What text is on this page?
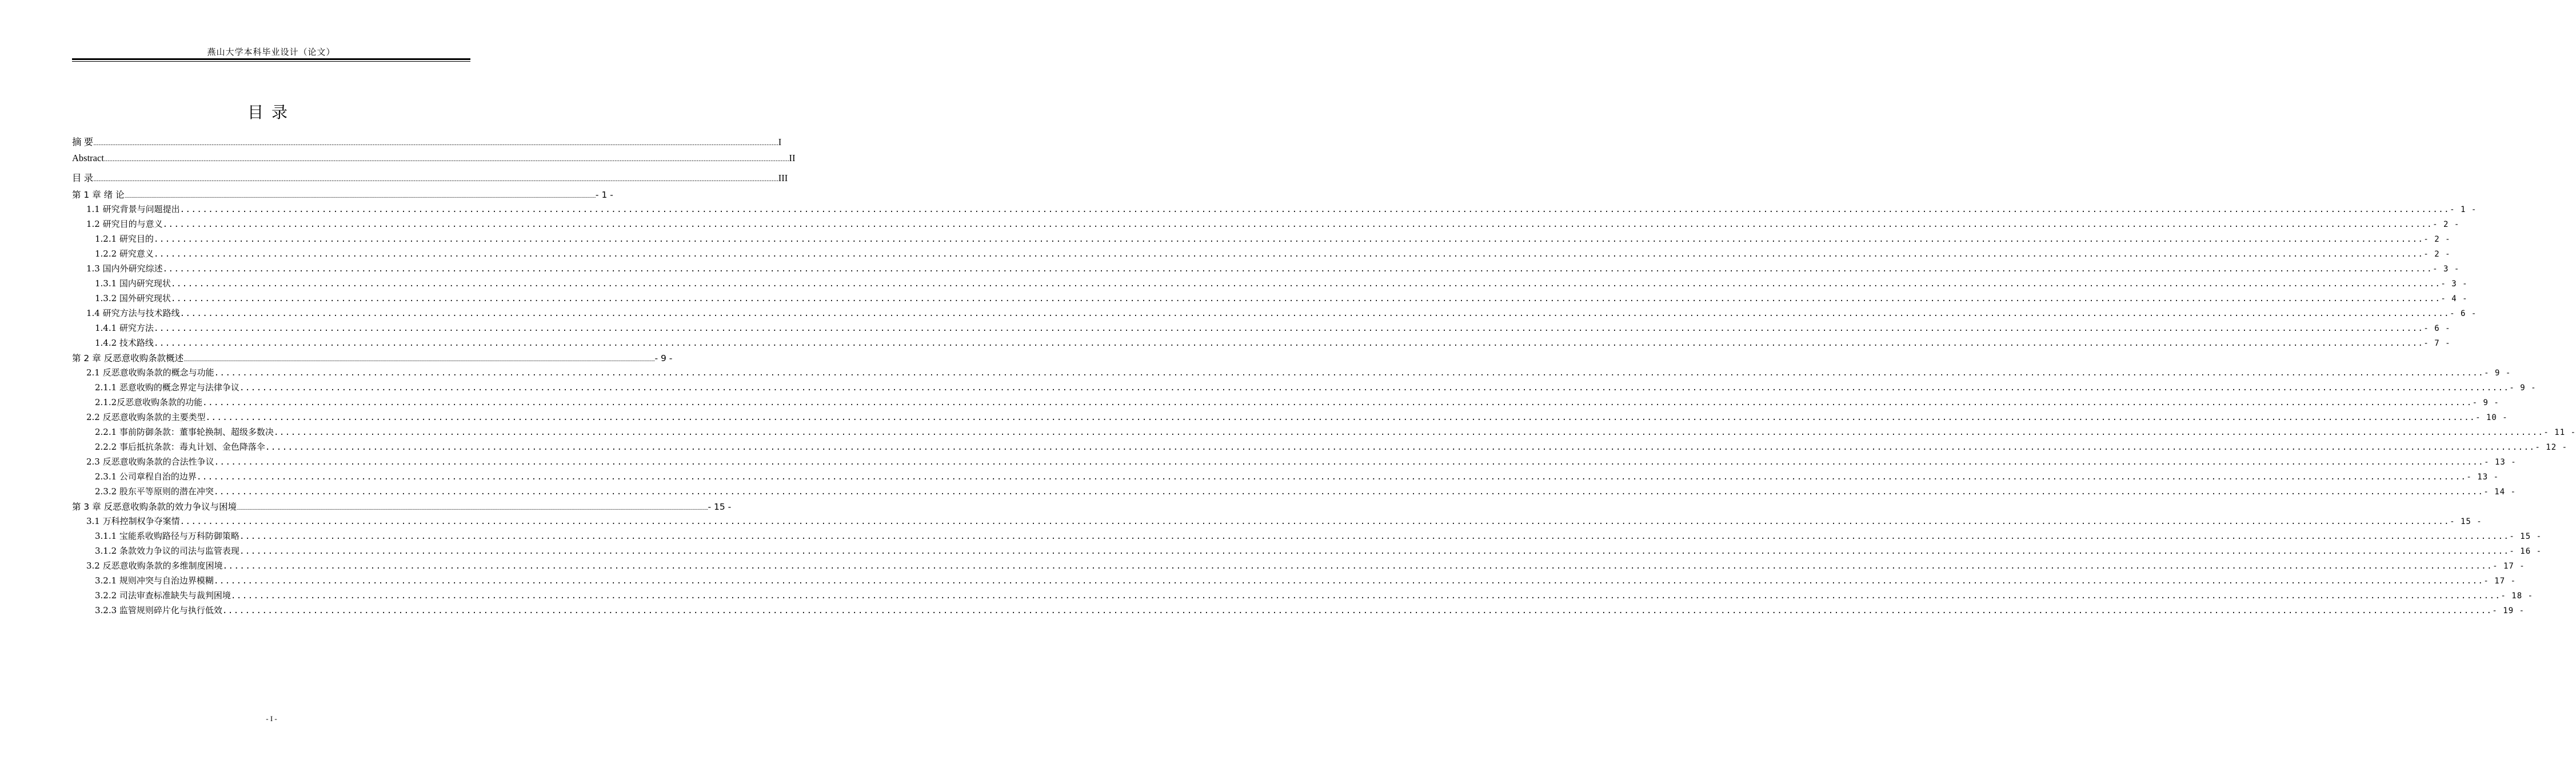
燕山大学本科毕业设计（论文）
目录
摘 要 ................................................................................................................................................................................................................................................................................................................................................................................................................ I
Abstract ................................................................................................................................................................................................................................................................................................................................................................................................................ II
目 录 ................................................................................................................................................................................................................................................................................................................................................................................................................ III
第 1 章 绪 论 ................................................................................................................................................................................................................................................................................................................................................................................................................ - 1 -
1.1 研究背景与问题提出 ................................................................................................................................................................................................................................................................................................................................................................................................................ - 1 -
1.2 研究目的与意义 ................................................................................................................................................................................................................................................................................................................................................................................................................ - 2 -
1.2.1 研究目的 ................................................................................................................................................................................................................................................................................................................................................................................................................ - 2 -
1.2.2 研究意义 ................................................................................................................................................................................................................................................................................................................................................................................................................ - 2 -
1.3 国内外研究综述 ................................................................................................................................................................................................................................................................................................................................................................................................................ - 3 -
1.3.1 国内研究现状 ................................................................................................................................................................................................................................................................................................................................................................................................................ - 3 -
1.3.2 国外研究现状 ................................................................................................................................................................................................................................................................................................................................................................................................................ - 4 -
1.4 研究方法与技术路线 ................................................................................................................................................................................................................................................................................................................................................................................................................ - 6 -
1.4.1 研究方法 ................................................................................................................................................................................................................................................................................................................................................................................................................ - 6 -
1.4.2 技术路线 ................................................................................................................................................................................................................................................................................................................................................................................................................ - 7 -
第 2 章 反恶意收购条款概述 ................................................................................................................................................................................................................................................................................................................................................................................................................ - 9 -
2.1 反恶意收购条款的概念与功能 ................................................................................................................................................................................................................................................................................................................................................................................................................ - 9 -
2.1.1 恶意收购的概念界定与法律争议 ................................................................................................................................................................................................................................................................................................................................................................................................................ - 9 -
2.1.2反恶意收购条款的功能 ................................................................................................................................................................................................................................................................................................................................................................................................................ - 9 -
2.2 反恶意收购条款的主要类型 ................................................................................................................................................................................................................................................................................................................................................................................................................ - 10 -
2.2.1 事前防御条款：董事轮换制、超级多数决 ................................................................................................................................................................................................................................................................................................................................................................................................................ - 11 -
2.2.2 事后抵抗条款：毒丸计划、金色降落伞 ................................................................................................................................................................................................................................................................................................................................................................................................................ - 12 -
2.3 反恶意收购条款的合法性争议 ................................................................................................................................................................................................................................................................................................................................................................................................................ - 13 -
2.3.1 公司章程自治的边界 ................................................................................................................................................................................................................................................................................................................................................................................................................ - 13 -
2.3.2 股东平等原则的潜在冲突 ................................................................................................................................................................................................................................................................................................................................................................................................................ - 14 -
第 3 章 反恶意收购条款的效力争议与困境 ................................................................................................................................................................................................................................................................................................................................................................................................................ - 15 -
3.1 万科控制权争夺案情 ................................................................................................................................................................................................................................................................................................................................................................................................................ - 15 -
3.1.1 宝能系收购路径与万科防御策略 ................................................................................................................................................................................................................................................................................................................................................................................................................ - 15 -
3.1.2 条款效力争议的司法与监管表现 ................................................................................................................................................................................................................................................................................................................................................................................................................ - 16 -
3.2 反恶意收购条款的多维制度困境 ................................................................................................................................................................................................................................................................................................................................................................................................................ - 17 -
3.2.1 规则冲突与自治边界模糊 ................................................................................................................................................................................................................................................................................................................................................................................................................ - 17 -
3.2.2 司法审查标准缺失与裁判困境 ................................................................................................................................................................................................................................................................................................................................................................................................................ - 18 -
3.2.3 监管规则碎片化与执行低效 ................................................................................................................................................................................................................................................................................................................................................................................................................ - 19 -
- I -
